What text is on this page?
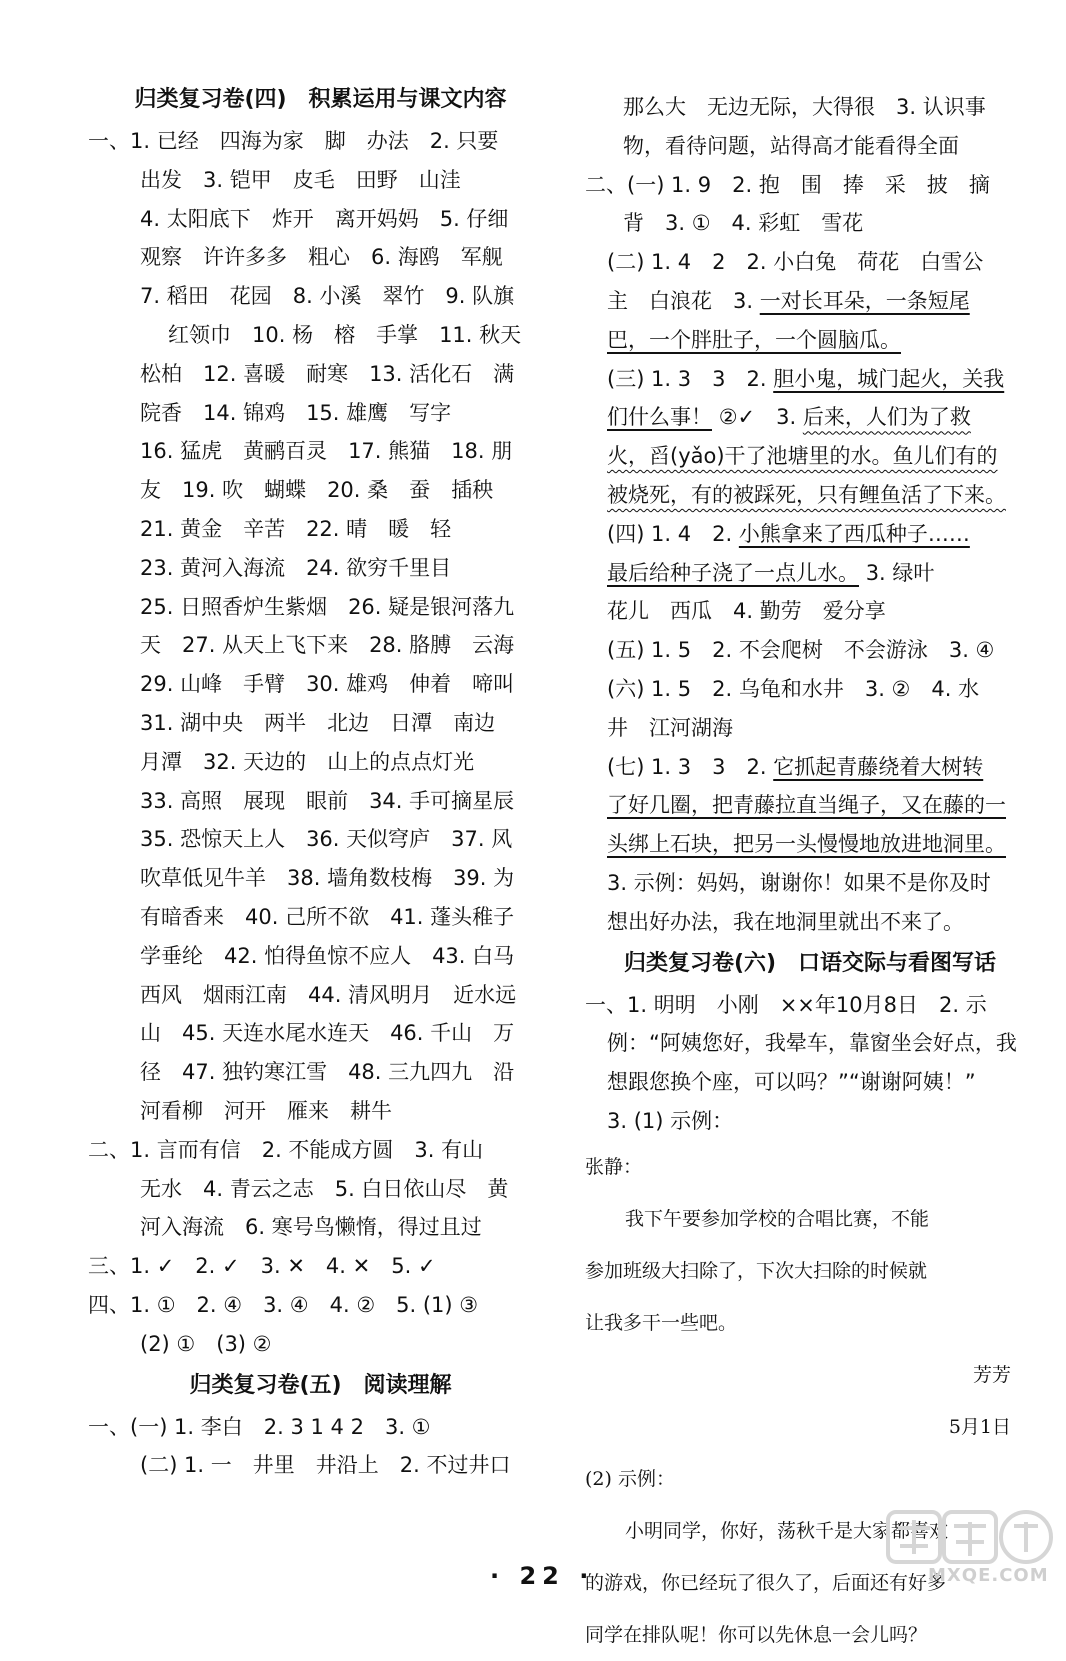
归类复习卷(四)　积累运用与课文内容
一、1. 已经　四海为家　脚　办法　2. 只要
出发　3. 铠甲　皮毛　田野　山洼
4. 太阳底下　炸开　离开妈妈　5. 仔细
观察　许许多多　粗心　6. 海鸥　军舰
7. 稻田　花园　8. 小溪　翠竹　9. 队旗
红领巾　10. 杨　榕　手掌　11. 秋天
松柏　12. 喜暖　耐寒　13. 活化石　满
院香　14. 锦鸡　15. 雄鹰　写字
16. 猛虎　黄鹂百灵　17. 熊猫　18. 朋
友　19. 吹　蝴蝶　20. 桑　蚕　插秧
21. 黄金　辛苦　22. 晴　暖　轻
23. 黄河入海流　24. 欲穷千里目
25. 日照香炉生紫烟　26. 疑是银河落九
天　27. 从天上飞下来　28. 胳膊　云海
29. 山峰　手臂　30. 雄鸡　伸着　啼叫
31. 湖中央　两半　北边　日潭　南边
月潭　32. 天边的　山上的点点灯光
33. 高照　展现　眼前　34. 手可摘星辰
35. 恐惊天上人　36. 天似穹庐　37. 风
吹草低见牛羊　38. 墙角数枝梅　39. 为
有暗香来　40. 己所不欲　41. 蓬头稚子
学垂纶　42. 怕得鱼惊不应人　43. 白马
西风　烟雨江南　44. 清风明月　近水远
山　45. 天连水尾水连天　46. 千山　万
径　47. 独钓寒江雪　48. 三九四九　沿
河看柳　河开　雁来　耕牛
二、1. 言而有信　2. 不能成方圆　3. 有山
无水　4. 青云之志　5. 白日依山尽　黄
河入海流　6. 寒号鸟懒惰，得过且过
三、1. ✓　2. ✓　3. ✕　4. ✕　5. ✓
四、1. ①　2. ④　3. ④　4. ②　5. (1) ③
(2) ①　(3) ②
归类复习卷(五)　阅读理解
一、(一) 1. 李白　2. 3 1 4 2　3. ①
(二) 1. 一　井里　井沿上　2. 不过井口
那么大　无边无际，大得很　3. 认识事
物，看待问题，站得高才能看得全面
二、(一) 1. 9　2. 抱　围　捧　采　披　摘
背　3. ①　4. 彩虹　雪花
(二) 1. 4　2　2. 小白兔　荷花　白雪公
主　白浪花　3. 一对长耳朵，一条短尾
巴，一个胖肚子，一个圆脑瓜。
(三) 1. 3　3　2. 胆小鬼，城门起火，关我
们什么事！ ②✓　3. 后来，人们为了救
火，舀(yǎo)干了池塘里的水。鱼儿们有的
被烧死，有的被踩死，只有鲤鱼活了下来。
(四) 1. 4　2. 小熊拿来了西瓜种子……
最后给种子浇了一点儿水。 3. 绿叶
花儿　西瓜　4. 勤劳　爱分享
(五) 1. 5　2. 不会爬树　不会游泳　3. ④
(六) 1. 5　2. 乌龟和水井　3. ②　4. 水
井　江河湖海
(七) 1. 3　3　2. 它抓起青藤绕着大树转
了好几圈，把青藤拉直当绳子，又在藤的一
头绑上石块，把另一头慢慢地放进地洞里。
3. 示例：妈妈，谢谢你！如果不是你及时
想出好办法，我在地洞里就出不来了。
归类复习卷(六)　口语交际与看图写话
一、1. 明明　小刚　××年10月8日　2. 示
例：“阿姨您好，我晕车，靠窗坐会好点，我
想跟您换个座，可以吗？”“谢谢阿姨！”
3. (1) 示例：
张静：
我下午要参加学校的合唱比赛，不能
参加班级大扫除了，下次大扫除的时候就
让我多干一些吧。
芳芳
5月1日
(2) 示例：
小明同学，你好，荡秋千是大家都喜欢
的游戏，你已经玩了很久了，后面还有好多
同学在排队呢！你可以先休息一会儿吗？
· 22 ·	MXQE.COM
